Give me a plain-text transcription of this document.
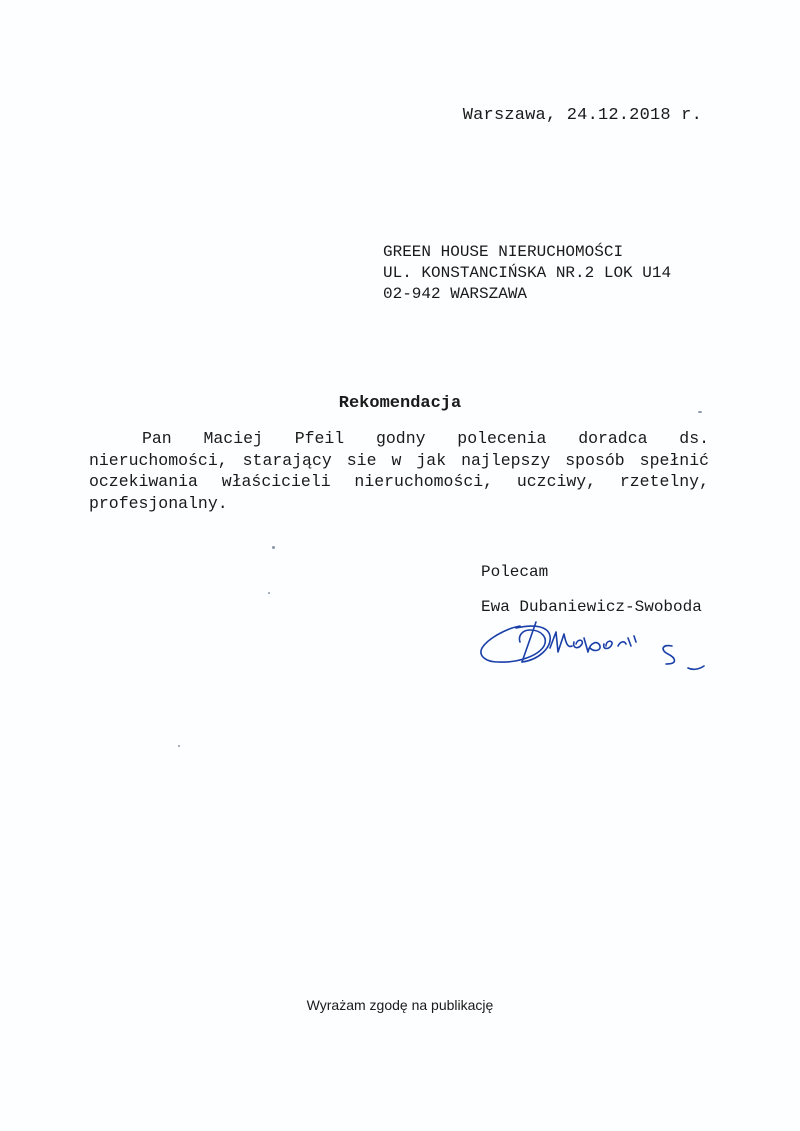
Warszawa, 24.12.2018 r.
GREEN HOUSE NIERUCHOMOŚCI
UL. KONSTANCIŃSKA NR.2 LOK U14
02-942 WARSZAWA
Rekomendacja
Pan Maciej Pfeil godny polecenia doradca ds. nieruchomości, starający sie w jak najlepszy sposób spełnić oczekiwania właścicieli nieruchomości, uczciwy, rzetelny, profesjonalny.
Polecam
Ewa Dubaniewicz-Swoboda
Wyrażam zgodę na publikację
